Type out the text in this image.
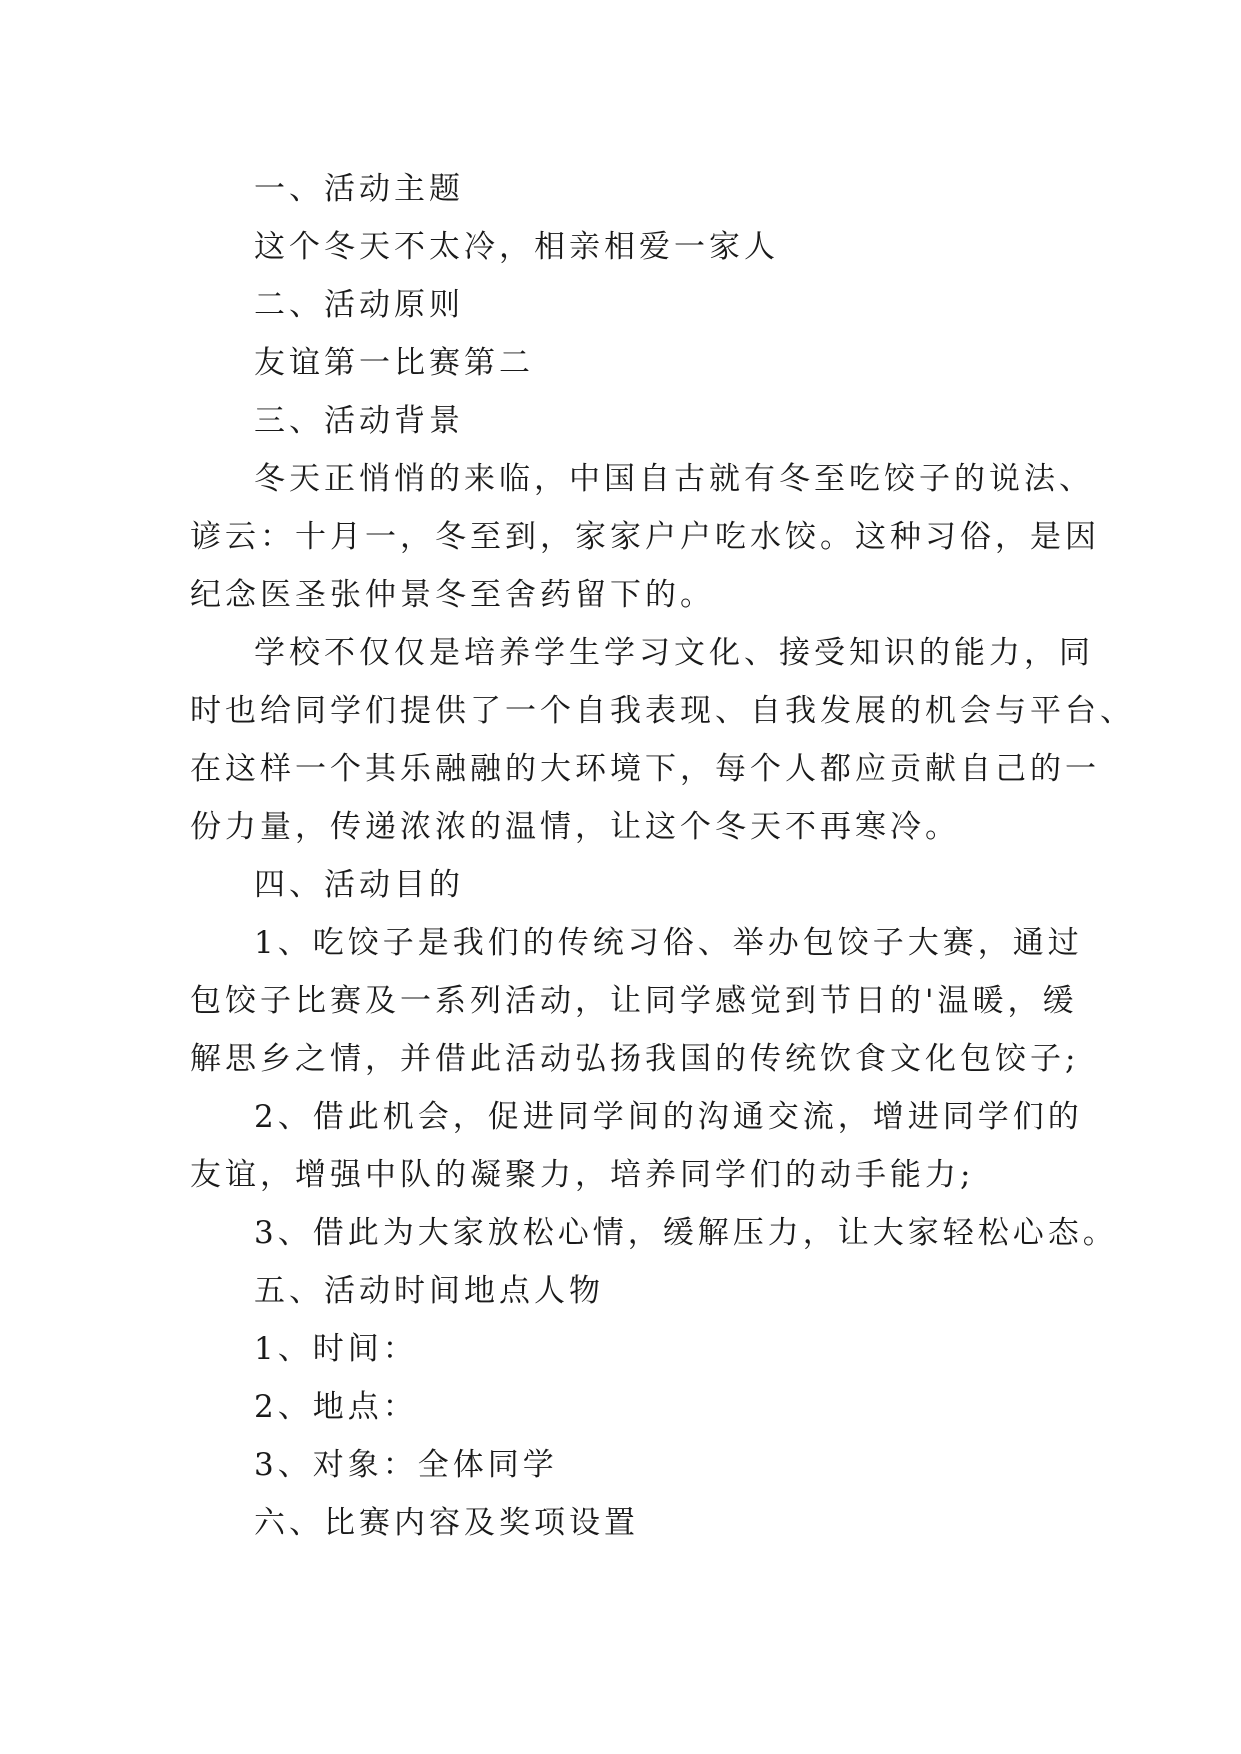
一、活动主题
这个冬天不太冷，相亲相爱一家人
二、活动原则
友谊第一比赛第二
三、活动背景
冬天正悄悄的来临，中国自古就有冬至吃饺子的说法、
谚云：十月一，冬至到，家家户户吃水饺。这种习俗，是因
纪念医圣张仲景冬至舍药留下的。
学校不仅仅是培养学生学习文化、接受知识的能力，同
时也给同学们提供了一个自我表现、自我发展的机会与平台、
在这样一个其乐融融的大环境下，每个人都应贡献自己的一
份力量，传递浓浓的温情，让这个冬天不再寒冷。
四、活动目的
1、吃饺子是我们的传统习俗、举办包饺子大赛，通过
包饺子比赛及一系列活动，让同学感觉到节日的'温暖，缓
解思乡之情，并借此活动弘扬我国的传统饮食文化包饺子;
2、借此机会，促进同学间的沟通交流，增进同学们的
友谊，增强中队的凝聚力，培养同学们的动手能力;
3、借此为大家放松心情，缓解压力，让大家轻松心态。
五、活动时间地点人物
1、时间：
2、地点：
3、对象：全体同学
六、比赛内容及奖项设置
